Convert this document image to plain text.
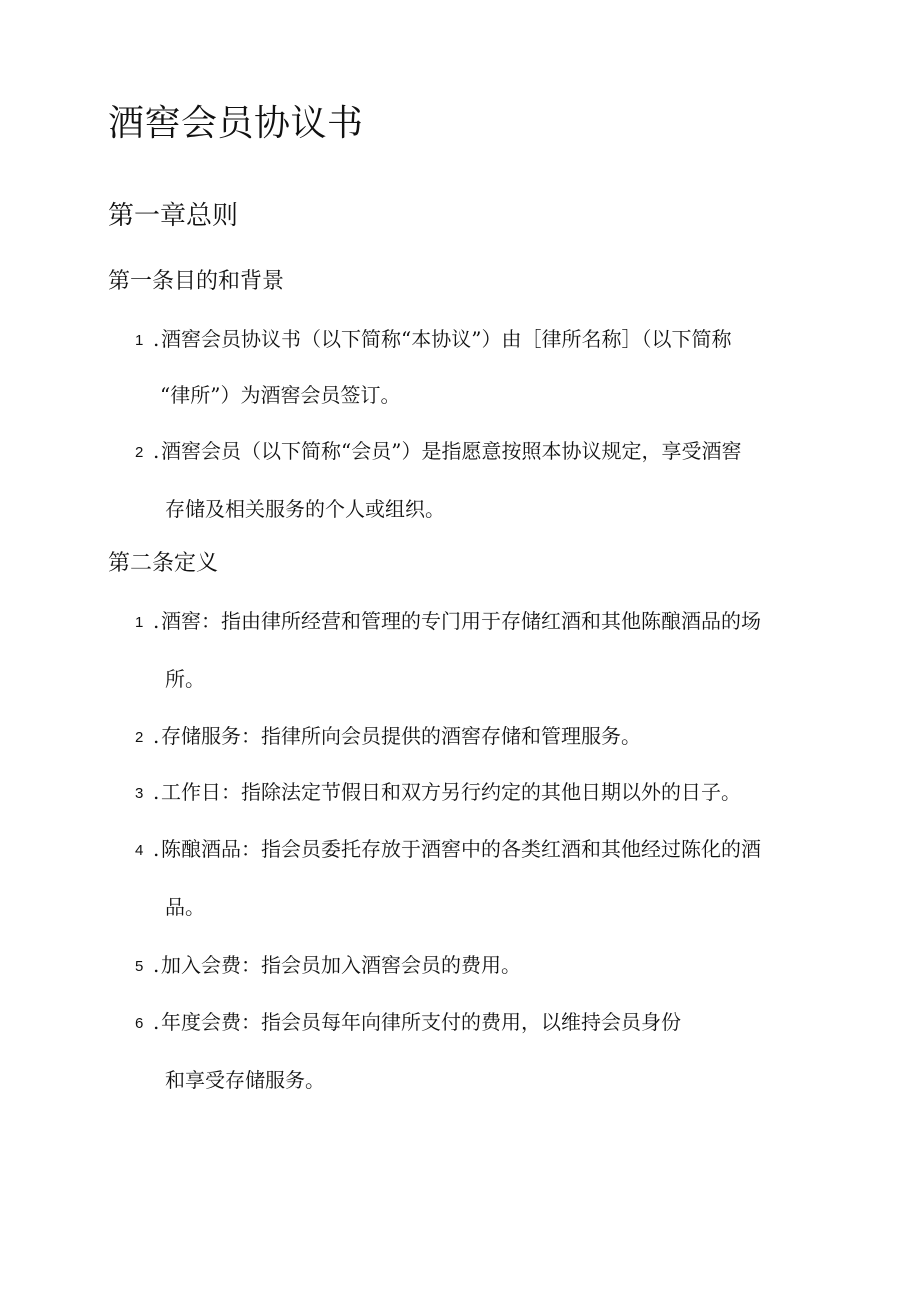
酒窖会员协议书
第一章总则
第一条目的和背景
1 . 酒窖会员协议书（以下简称“本协议”）由［律所名称］（以下简称
“律所”）为酒窖会员签订。
2 . 酒窖会员（以下简称“会员”）是指愿意按照本协议规定，享受酒窖
存储及相关服务的个人或组织。
第二条定义
1 . 酒窖：指由律所经营和管理的专门用于存储红酒和其他陈酿酒品的场
所。
2 . 存储服务：指律所向会员提供的酒窖存储和管理服务。
3 . 工作日：指除法定节假日和双方另行约定的其他日期以外的日子。
4 . 陈酿酒品：指会员委托存放于酒窖中的各类红酒和其他经过陈化的酒
品。
5 . 加入会费：指会员加入酒窖会员的费用。
6 . 年度会费：指会员每年向律所支付的费用，以维持会员身份
和享受存储服务。
